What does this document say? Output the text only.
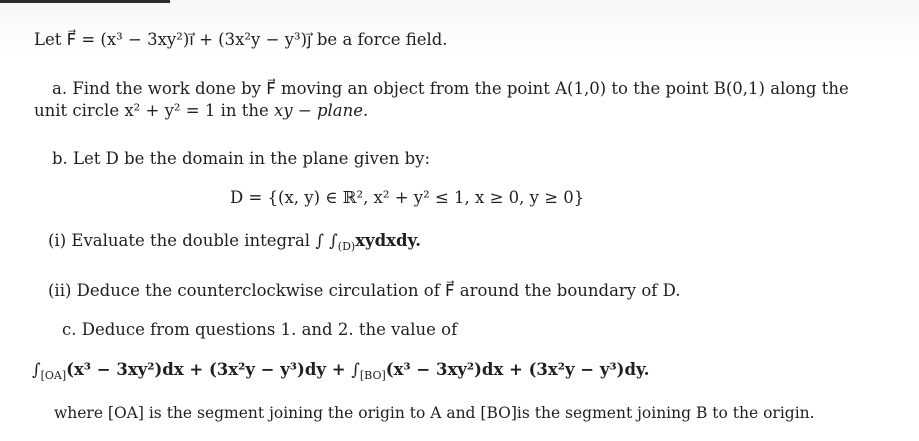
Let F⃗ = (x³ − 3xy²)ı⃗ + (3x²y − y³)ȷ⃗ be a force field.
a. Find the work done by F⃗ moving an object from the point A(1,0) to the point B(0,1) along the
unit circle x² + y² = 1 in the xy − plane.
b. Let D be the domain in the plane given by:
D = {(x, y) ∈ ℝ², x² + y² ≤ 1, x ≥ 0, y ≥ 0}
(i) Evaluate the double integral ∫ $\int_{(D)}xydxdy$.
(ii) Deduce the counterclockwise circulation of F⃗ around the boundary of D.
c. Deduce from questions 1. and 2. the value of
$\int_{[OA]}(x^3 - 3xy^2)dx + (3x^2y - y^3)dy + \int_{[BO]}(x^3 - 3xy^2)dx + (3x^2y - y^3)dy$.
where [OA] is the segment joining the origin to A and [BO]is the segment joining B to the origin.
